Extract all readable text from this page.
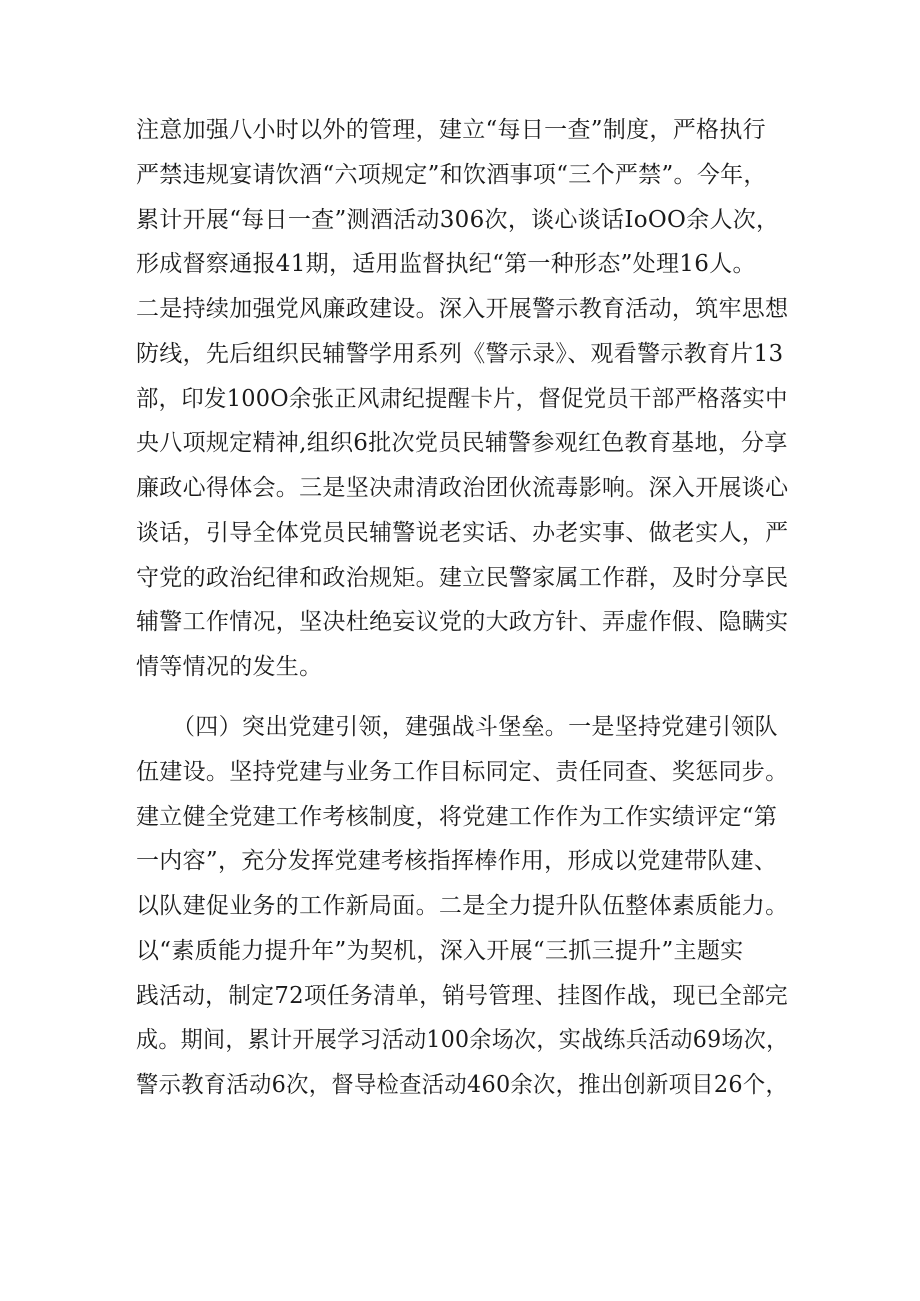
注意加强八小时以外的管理，建立“每日一查”制度，严格执行
严禁违规宴请饮酒“六项规定”和饮酒事项“三个严禁”。今年，
累计开展“每日一查”测酒活动306次，谈心谈话IoOO余人次，
形成督察通报41期，适用监督执纪“第一种形态”处理16人。
二是持续加强党风廉政建设。深入开展警示教育活动，筑牢思想
防线，先后组织民辅警学用系列《警示录》、观看警示教育片13
部，印发100O余张正风肃纪提醒卡片，督促党员干部严格落实中
央八项规定精神,组织6批次党员民辅警参观红色教育基地，分享
廉政心得体会。三是坚决肃清政治团伙流毒影响。深入开展谈心
谈话，引导全体党员民辅警说老实话、办老实事、做老实人，严
守党的政治纪律和政治规矩。建立民警家属工作群，及时分享民
辅警工作情况，坚决杜绝妄议党的大政方针、弄虚作假、隐瞒实
情等情况的发生。
（四）突出党建引领，建强战斗堡垒。一是坚持党建引领队
伍建设。坚持党建与业务工作目标同定、责任同查、奖惩同步。
建立健全党建工作考核制度，将党建工作作为工作实绩评定“第
一内容”，充分发挥党建考核指挥棒作用，形成以党建带队建、
以队建促业务的工作新局面。二是全力提升队伍整体素质能力。
以“素质能力提升年”为契机，深入开展“三抓三提升”主题实
践活动，制定72项任务清单，销号管理、挂图作战，现已全部完
成。期间，累计开展学习活动100余场次，实战练兵活动69场次，
警示教育活动6次，督导检查活动460余次，推出创新项目26个，
